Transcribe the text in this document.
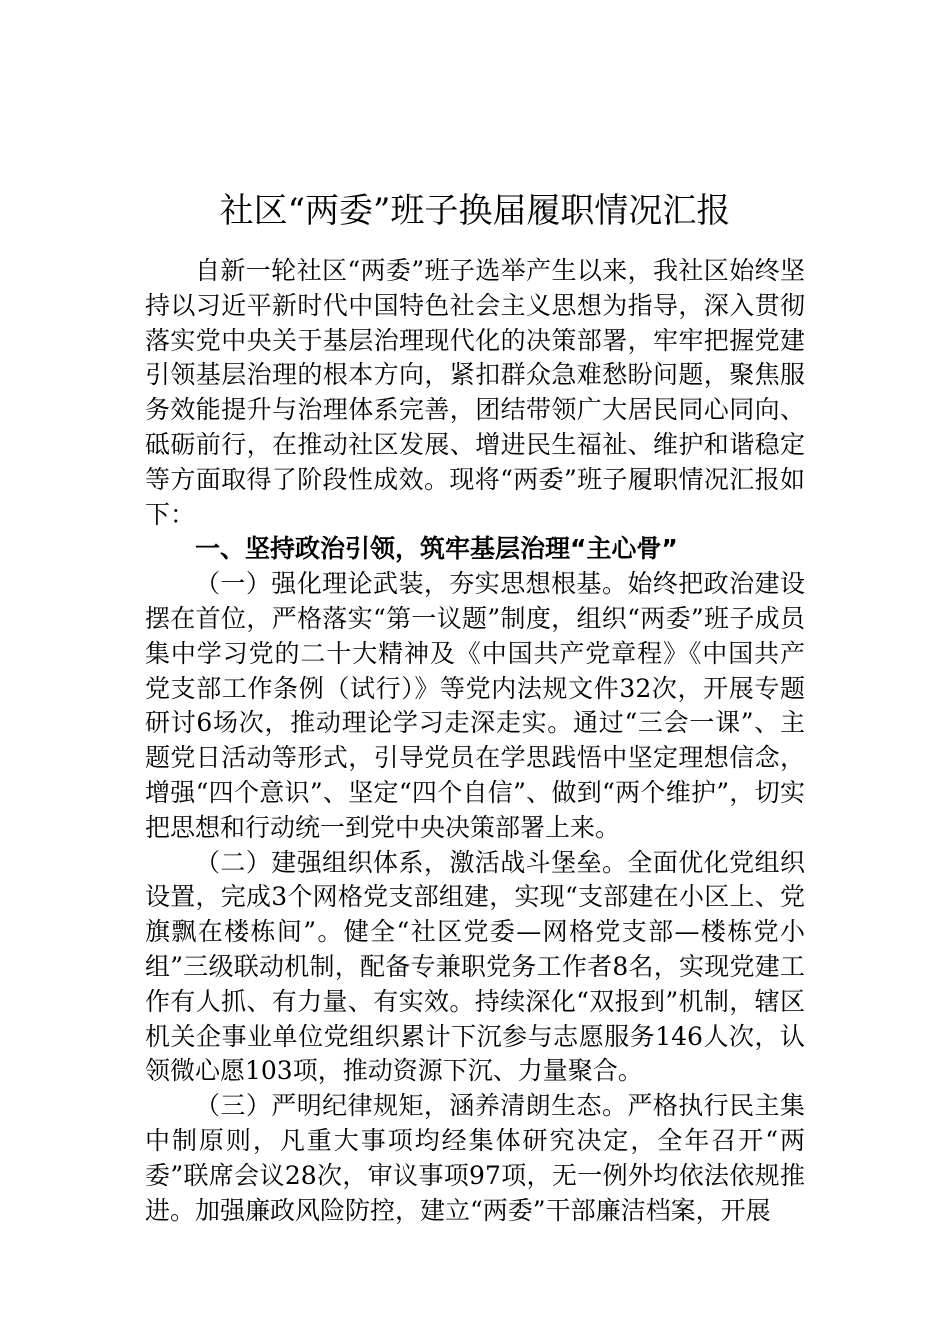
社区“两委”班子换届履职情况汇报

自新一轮社区“两委”班子选举产生以来，我社区始终坚持以习近平新时代中国特色社会主义思想为指导，深入贯彻落实党中央关于基层治理现代化的决策部署，牢牢把握党建引领基层治理的根本方向，紧扣群众急难愁盼问题，聚焦服务效能提升与治理体系完善，团结带领广大居民同心同向、砥砺前行，在推动社区发展、增进民生福祉、维护和谐稳定等方面取得了阶段性成效。现将“两委”班子履职情况汇报如下：

一、坚持政治引领，筑牢基层治理“主心骨”

（一）强化理论武装，夯实思想根基。始终把政治建设摆在首位，严格落实“第一议题”制度，组织“两委”班子成员集中学习党的二十大精神及《中国共产党章程》《中国共产党支部工作条例（试行）》等党内法规文件32次，开展专题研讨6场次，推动理论学习走深走实。通过“三会一课”、主题党日活动等形式，引导党员在学思践悟中坚定理想信念，增强“四个意识”、坚定“四个自信”、做到“两个维护”，切实把思想和行动统一到党中央决策部署上来。

（二）建强组织体系，激活战斗堡垒。全面优化党组织设置，完成3个网格党支部组建，实现“支部建在小区上、党旗飘在楼栋间”。健全“社区党委—网格党支部—楼栋党小组”三级联动机制，配备专兼职党务工作者8名，实现党建工作有人抓、有力量、有实效。持续深化“双报到”机制，辖区机关企事业单位党组织累计下沉参与志愿服务146人次，认领微心愿103项，推动资源下沉、力量聚合。

（三）严明纪律规矩，涵养清朗生态。严格执行民主集中制原则，凡重大事项均经集体研究决定，全年召开“两委”联席会议28次，审议事项97项，无一例外均依法依规推进。加强廉政风险防控，建立“两委”干部廉洁档案，开展
